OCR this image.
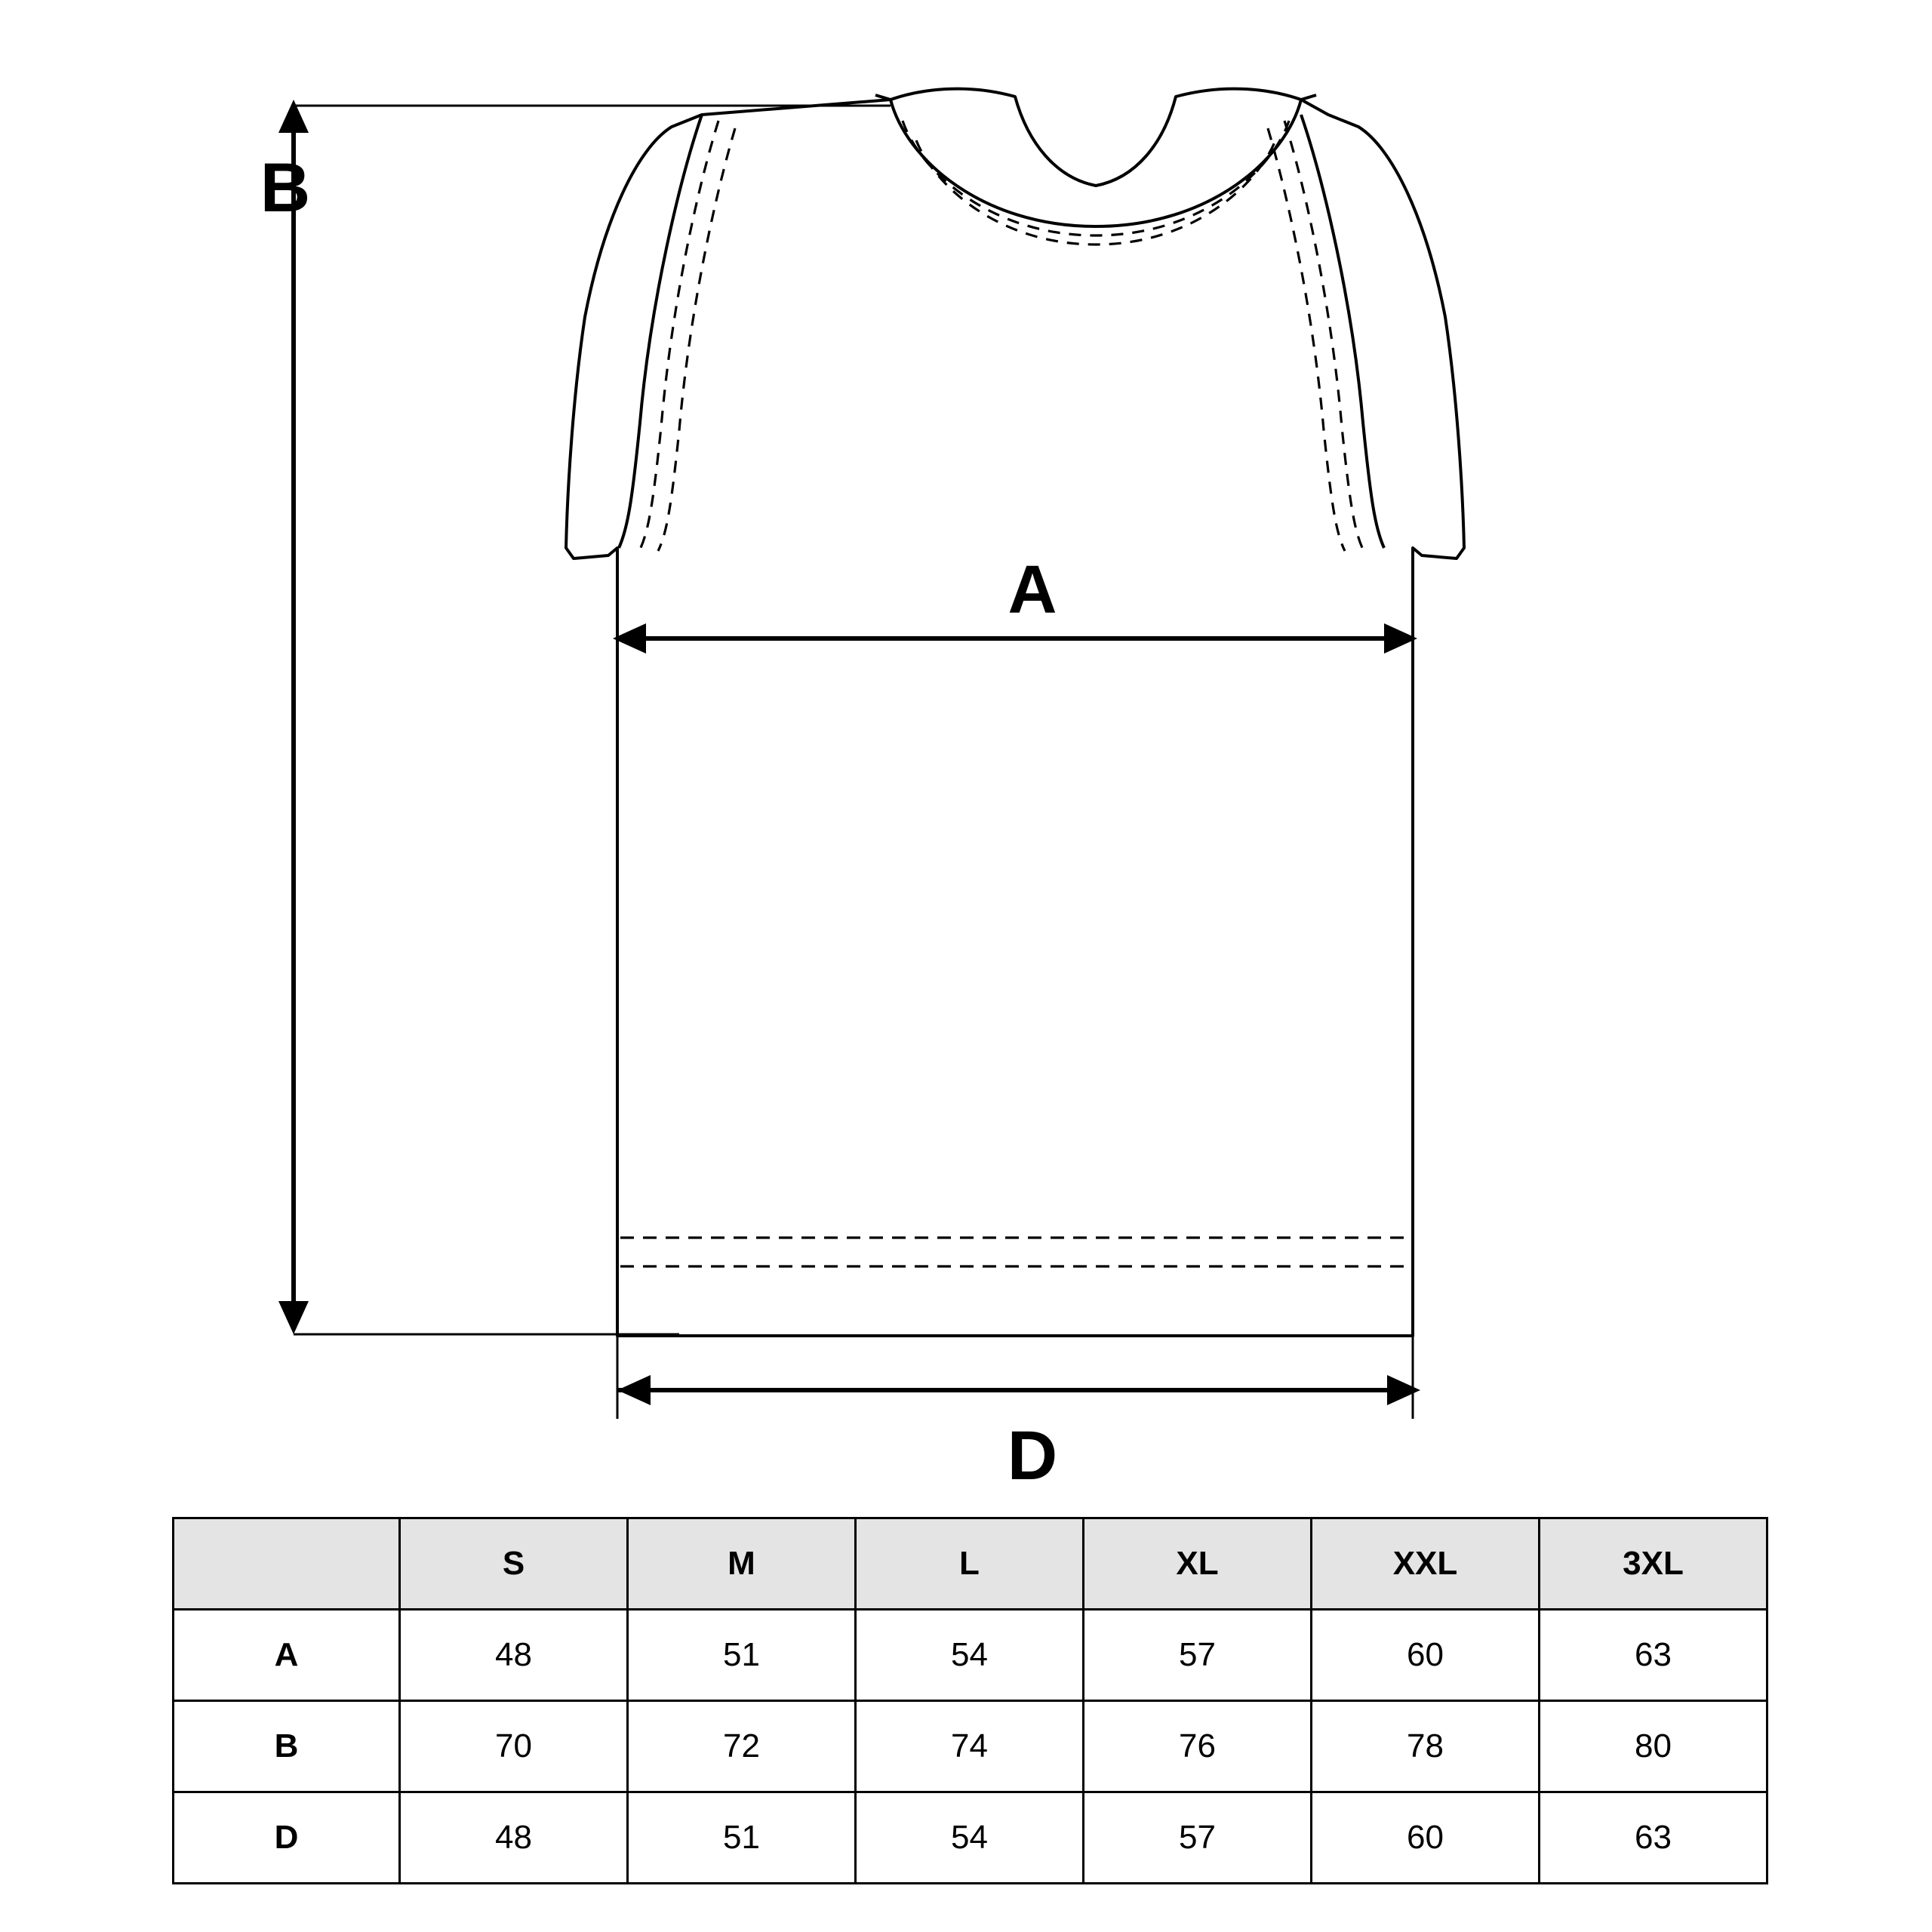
A
B
D
	S	M	L	XL	XXL	3XL
A	48	51	54	57	60	63
B	70	72	74	76	78	80
D	48	51	54	57	60	63
